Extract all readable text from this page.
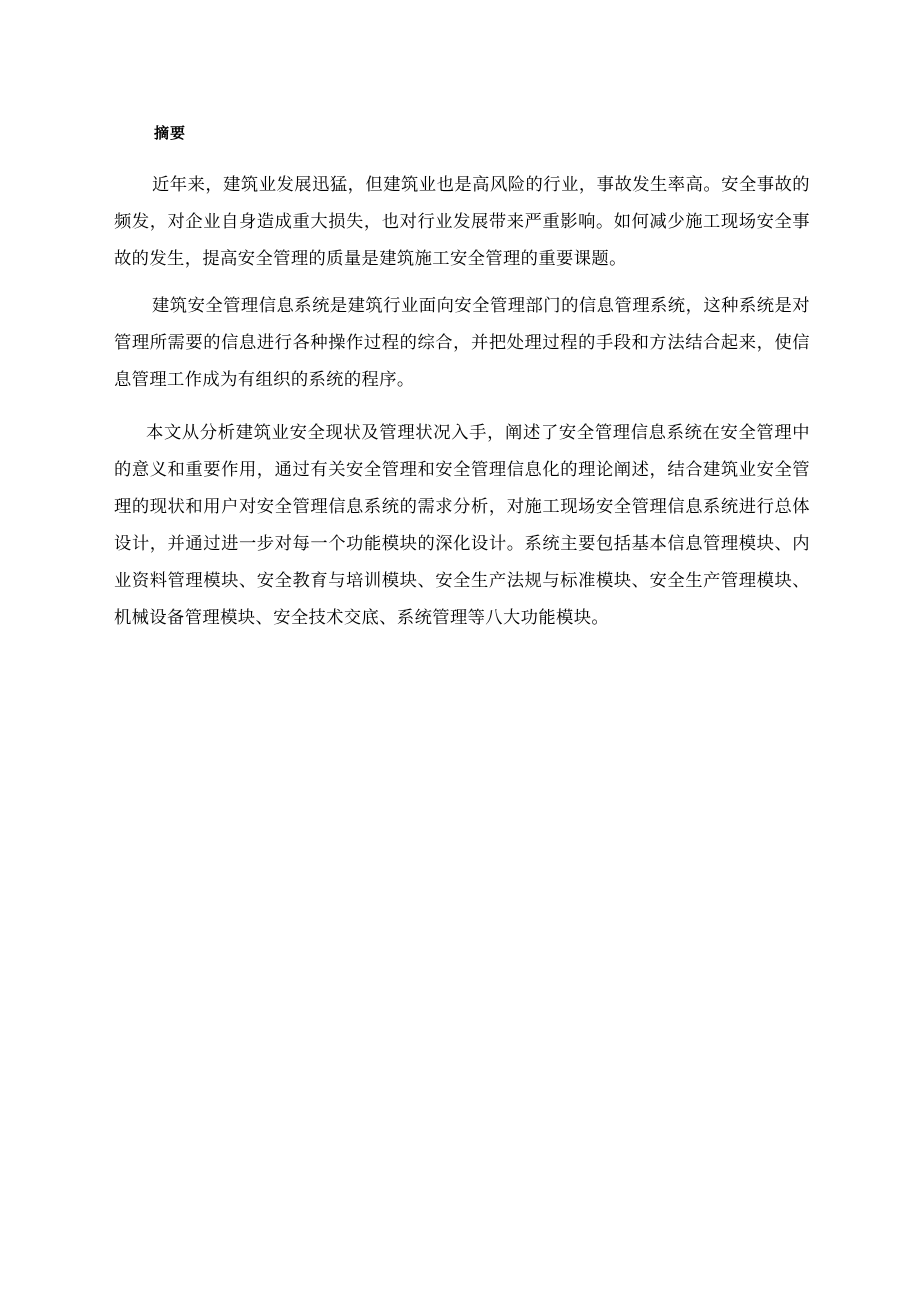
摘要

近年来，建筑业发展迅猛，但建筑业也是高风险的行业，事故发生率高。安全事故的频发，对企业自身造成重大损失，也对行业发展带来严重影响。如何减少施工现场安全事故的发生，提高安全管理的质量是建筑施工安全管理的重要课题。

建筑安全管理信息系统是建筑行业面向安全管理部门的信息管理系统，这种系统是对管理所需要的信息进行各种操作过程的综合，并把处理过程的手段和方法结合起来，使信息管理工作成为有组织的系统的程序。

本文从分析建筑业安全现状及管理状况入手，阐述了安全管理信息系统在安全管理中的意义和重要作用，通过有关安全管理和安全管理信息化的理论阐述，结合建筑业安全管理的现状和用户对安全管理信息系统的需求分析，对施工现场安全管理信息系统进行总体设计，并通过进一步对每一个功能模块的深化设计。系统主要包括基本信息管理模块、内业资料管理模块、安全教育与培训模块、安全生产法规与标准模块、安全生产管理模块、机械设备管理模块、安全技术交底、系统管理等八大功能模块。
